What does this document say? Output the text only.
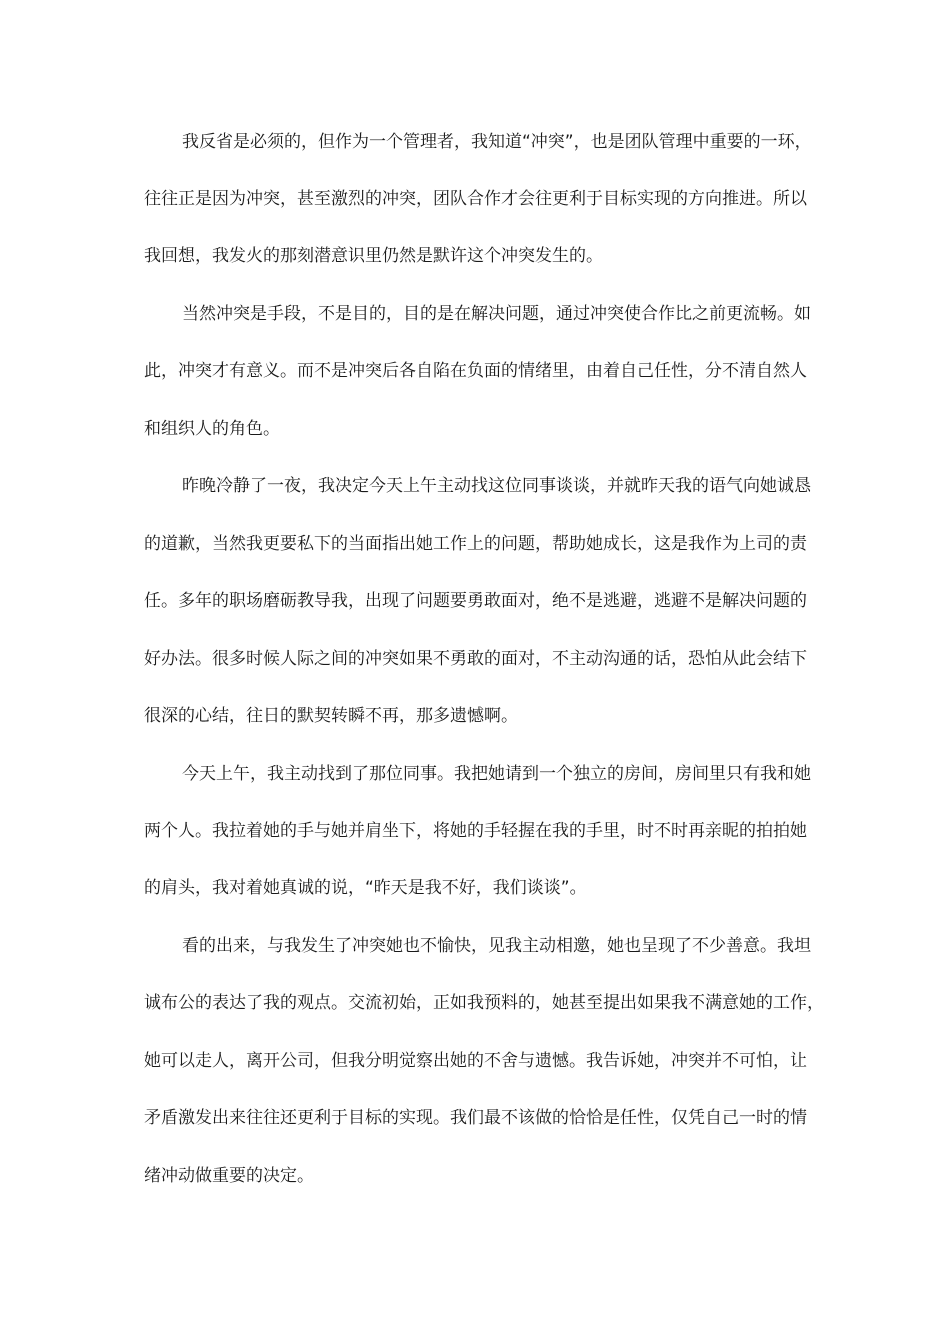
我反省是必须的，但作为一个管理者，我知道“冲突”，也是团队管理中重要的一环，

往往正是因为冲突，甚至激烈的冲突，团队合作才会往更利于目标实现的方向推进。所以

我回想，我发火的那刻潜意识里仍然是默许这个冲突发生的。

当然冲突是手段，不是目的，目的是在解决问题，通过冲突使合作比之前更流畅。如

此，冲突才有意义。而不是冲突后各自陷在负面的情绪里，由着自己任性，分不清自然人

和组织人的角色。

昨晚冷静了一夜，我决定今天上午主动找这位同事谈谈，并就昨天我的语气向她诚恳

的道歉，当然我更要私下的当面指出她工作上的问题，帮助她成长，这是我作为上司的责

任。多年的职场磨砺教导我，出现了问题要勇敢面对，绝不是逃避，逃避不是解决问题的

好办法。很多时候人际之间的冲突如果不勇敢的面对，不主动沟通的话，恐怕从此会结下

很深的心结，往日的默契转瞬不再，那多遗憾啊。

今天上午，我主动找到了那位同事。我把她请到一个独立的房间，房间里只有我和她

两个人。我拉着她的手与她并肩坐下，将她的手轻握在我的手里，时不时再亲昵的拍拍她

的肩头，我对着她真诚的说，“昨天是我不好，我们谈谈”。

看的出来，与我发生了冲突她也不愉快，见我主动相邀，她也呈现了不少善意。我坦

诚布公的表达了我的观点。交流初始，正如我预料的，她甚至提出如果我不满意她的工作，

她可以走人，离开公司，但我分明觉察出她的不舍与遗憾。我告诉她，冲突并不可怕，让

矛盾激发出来往往还更利于目标的实现。我们最不该做的恰恰是任性，仅凭自己一时的情

绪冲动做重要的决定。
